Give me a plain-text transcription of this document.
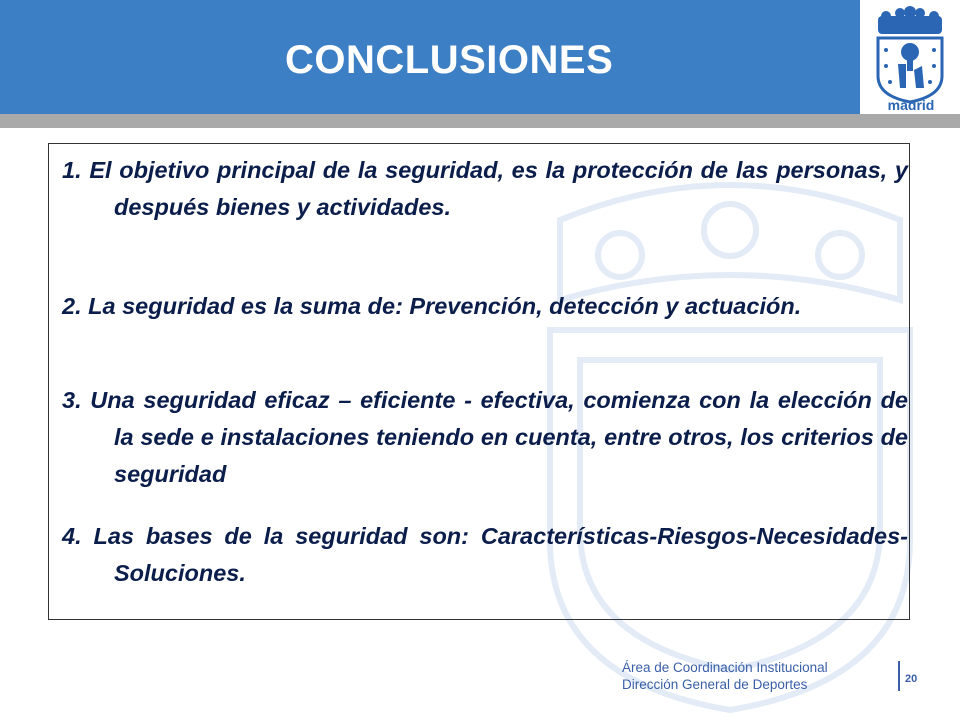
CONCLUSIONES
madrid

1. El objetivo principal de la seguridad, es la protección de las personas, y después bienes y actividades.

2. La seguridad es la suma de: Prevención, detección y actuación.

3. Una seguridad eficaz – eficiente - efectiva, comienza con la elección de la sede e instalaciones teniendo en cuenta, entre otros, los criterios de seguridad

4. Las bases de la seguridad son: Características-Riesgos-Necesidades-Soluciones.

Área de Coordinación Institucional
Dirección General de Deportes	20
